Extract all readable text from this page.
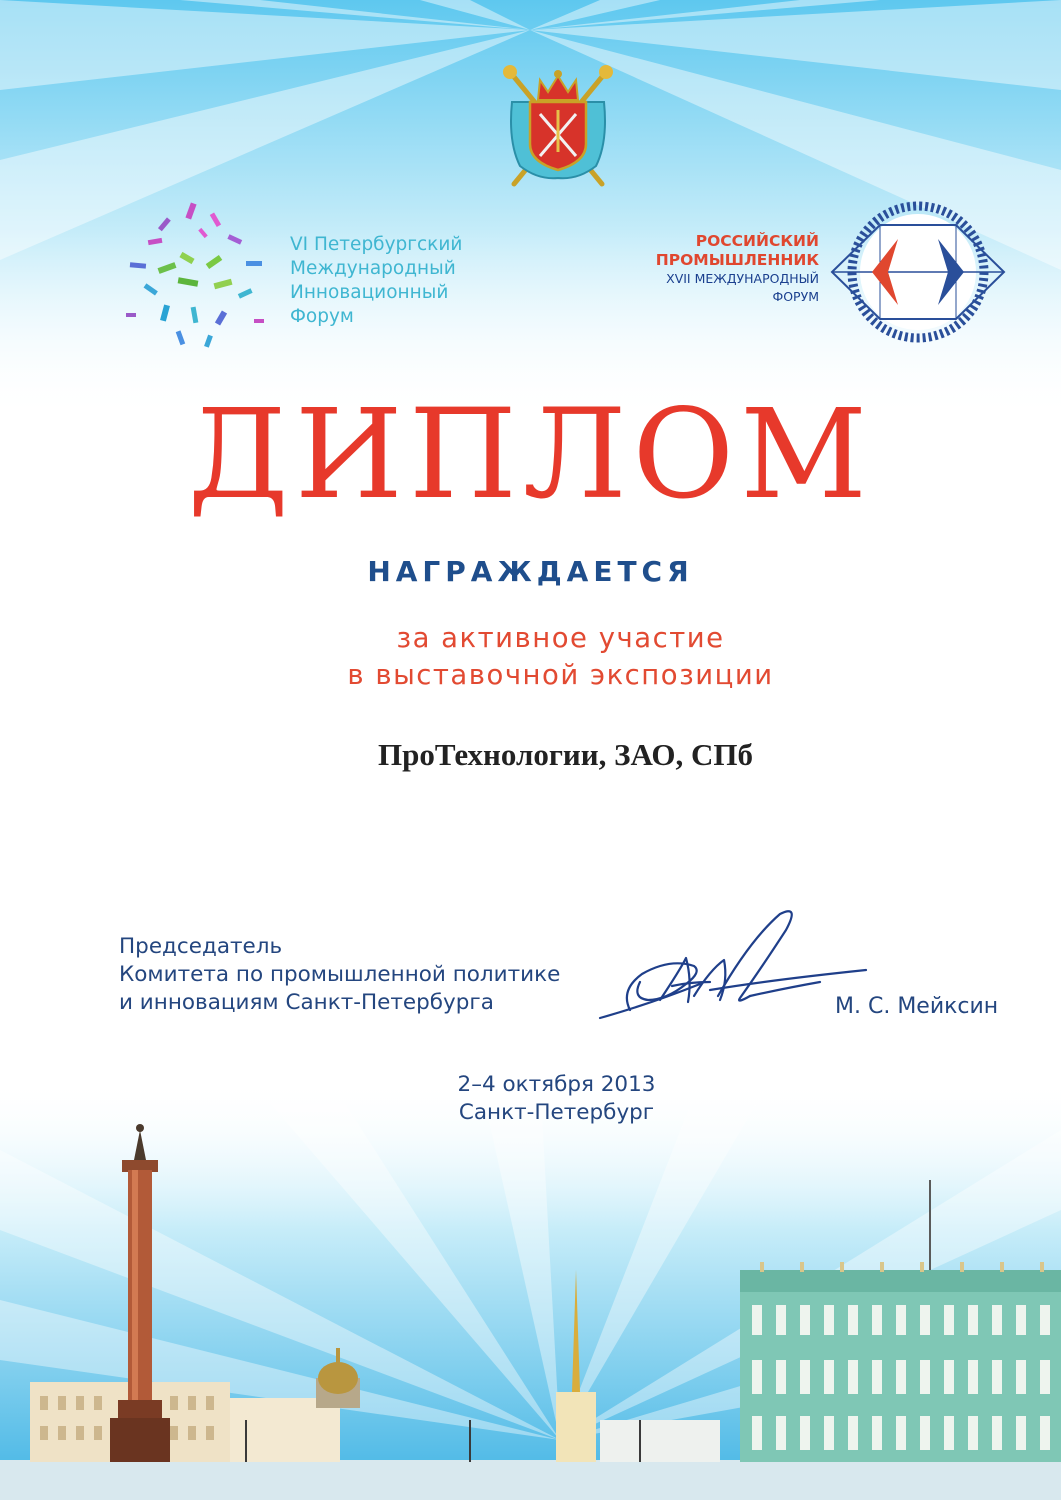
VI Петербургский
Международный
Инновационный
Форум
РОССИЙСКИЙ
ПРОМЫШЛЕННИК
XVII МЕЖДУНАРОДНЫЙ
ФОРУМ
ДИПЛОМ
НАГРАЖДАЕТСЯ
за активное участие
в выставочной экспозиции
ПроТехнологии, ЗАО, СПб
Председатель
Комитета по промышленной политике
и инновациям Санкт-Петербурга	М. С. Мейксин
2–4 октября 2013
Санкт-Петербург
